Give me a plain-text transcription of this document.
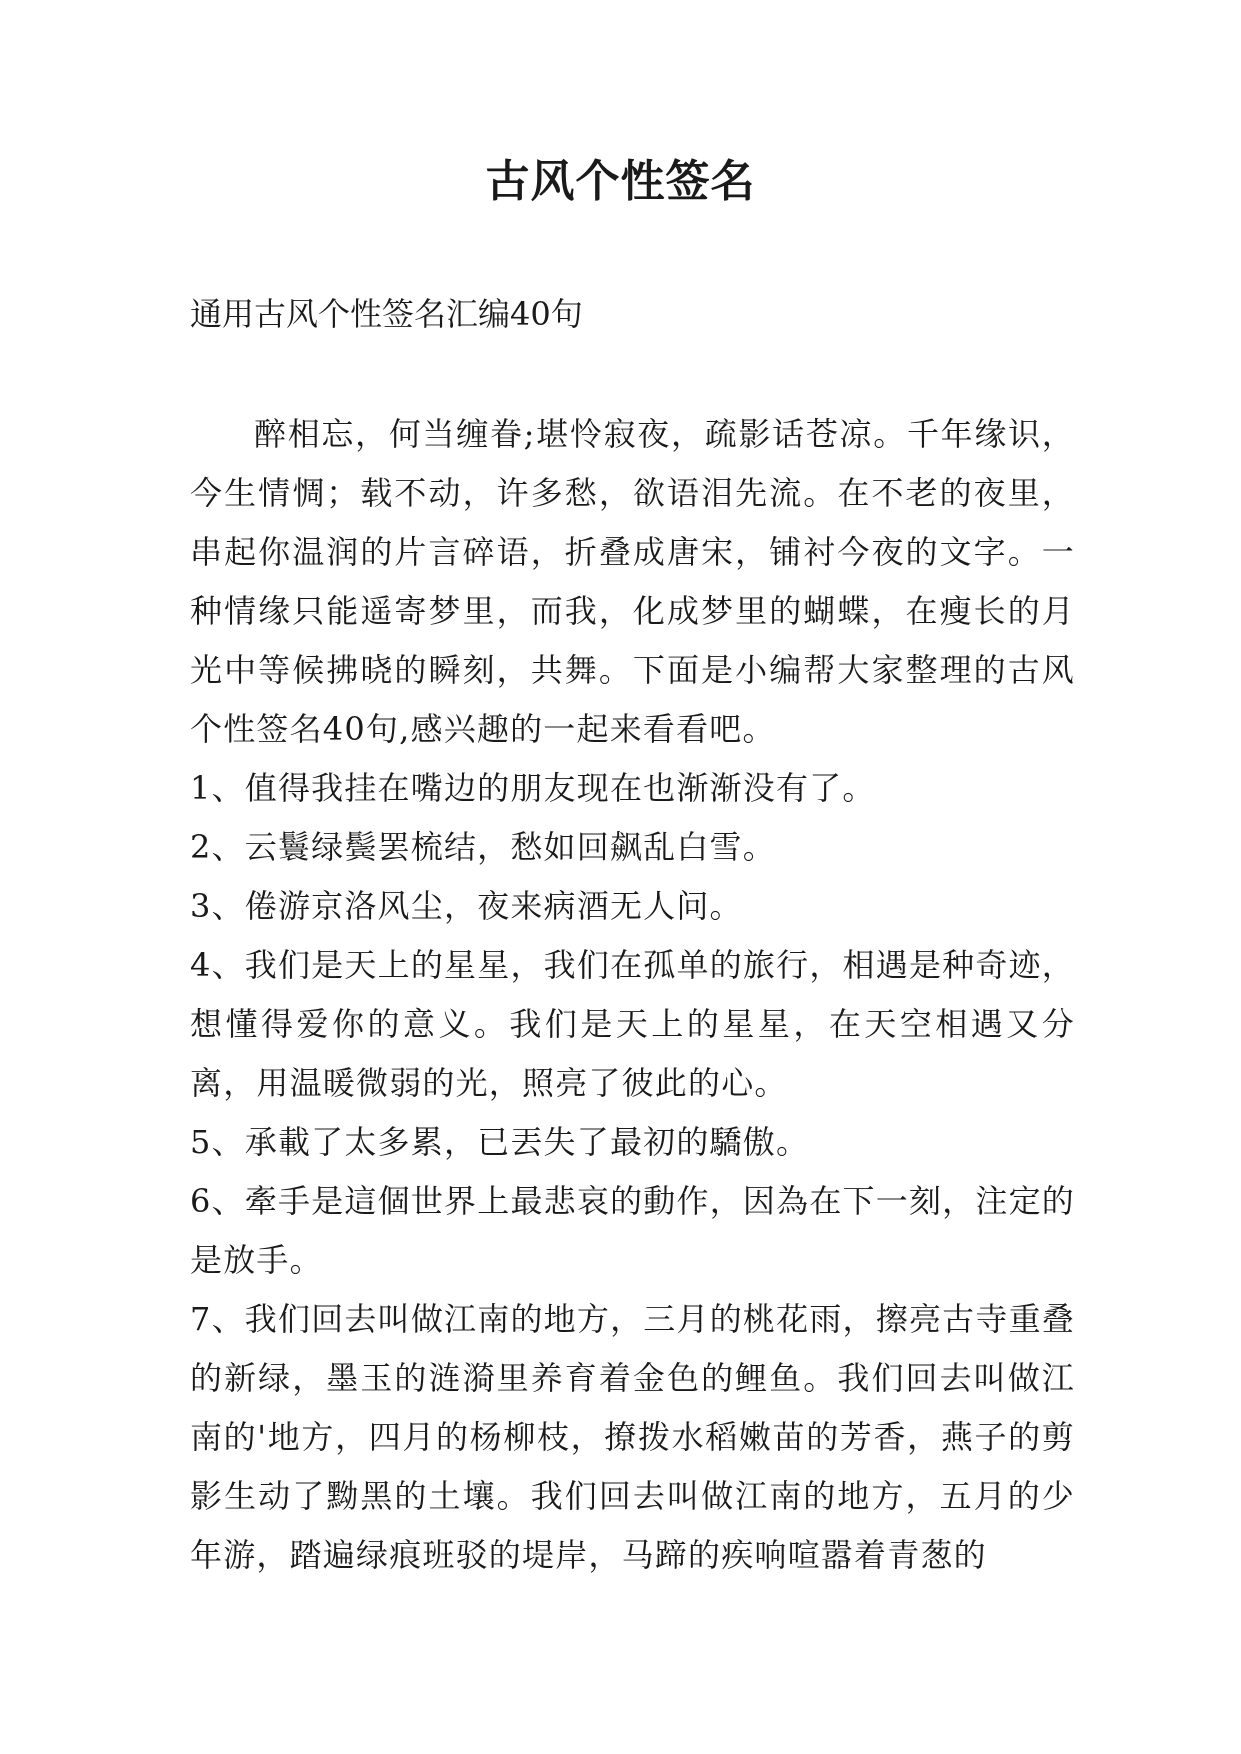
古风个性签名
通用古风个性签名汇编40句

醉相忘，何当缠眷;堪怜寂夜，疏影话苍凉。千年缘识，今生情惆；载不动，许多愁，欲语泪先流。在不老的夜里，串起你温润的片言碎语，折叠成唐宋，铺衬今夜的文字。一种情缘只能遥寄梦里，而我，化成梦里的蝴蝶，在瘦长的月光中等候拂晓的瞬刻，共舞。下面是小编帮大家整理的古风个性签名40句,感兴趣的一起来看看吧。

1、值得我挂在嘴边的朋友现在也渐渐没有了。

2、云鬟绿鬓罢梳结，愁如回飙乱白雪。

3、倦游京洛风尘，夜来病酒无人问。

4、我们是天上的星星，我们在孤单的旅行，相遇是种奇迹，想懂得爱你的意义。我们是天上的星星，在天空相遇又分离，用温暖微弱的光，照亮了彼此的心。

5、承載了太多累，已丟失了最初的驕傲。

6、牽手是這個世界上最悲哀的動作，因為在下一刻，注定的是放手。

7、我们回去叫做江南的地方，三月的桃花雨，擦亮古寺重叠的新绿，墨玉的涟漪里养育着金色的鲤鱼。我们回去叫做江南的'地方，四月的杨柳枝，撩拨水稻嫩苗的芳香，燕子的剪影生动了黝黑的土壤。我们回去叫做江南的地方，五月的少年游，踏遍绿痕班驳的堤岸，马蹄的疾响喧嚣着青葱的
